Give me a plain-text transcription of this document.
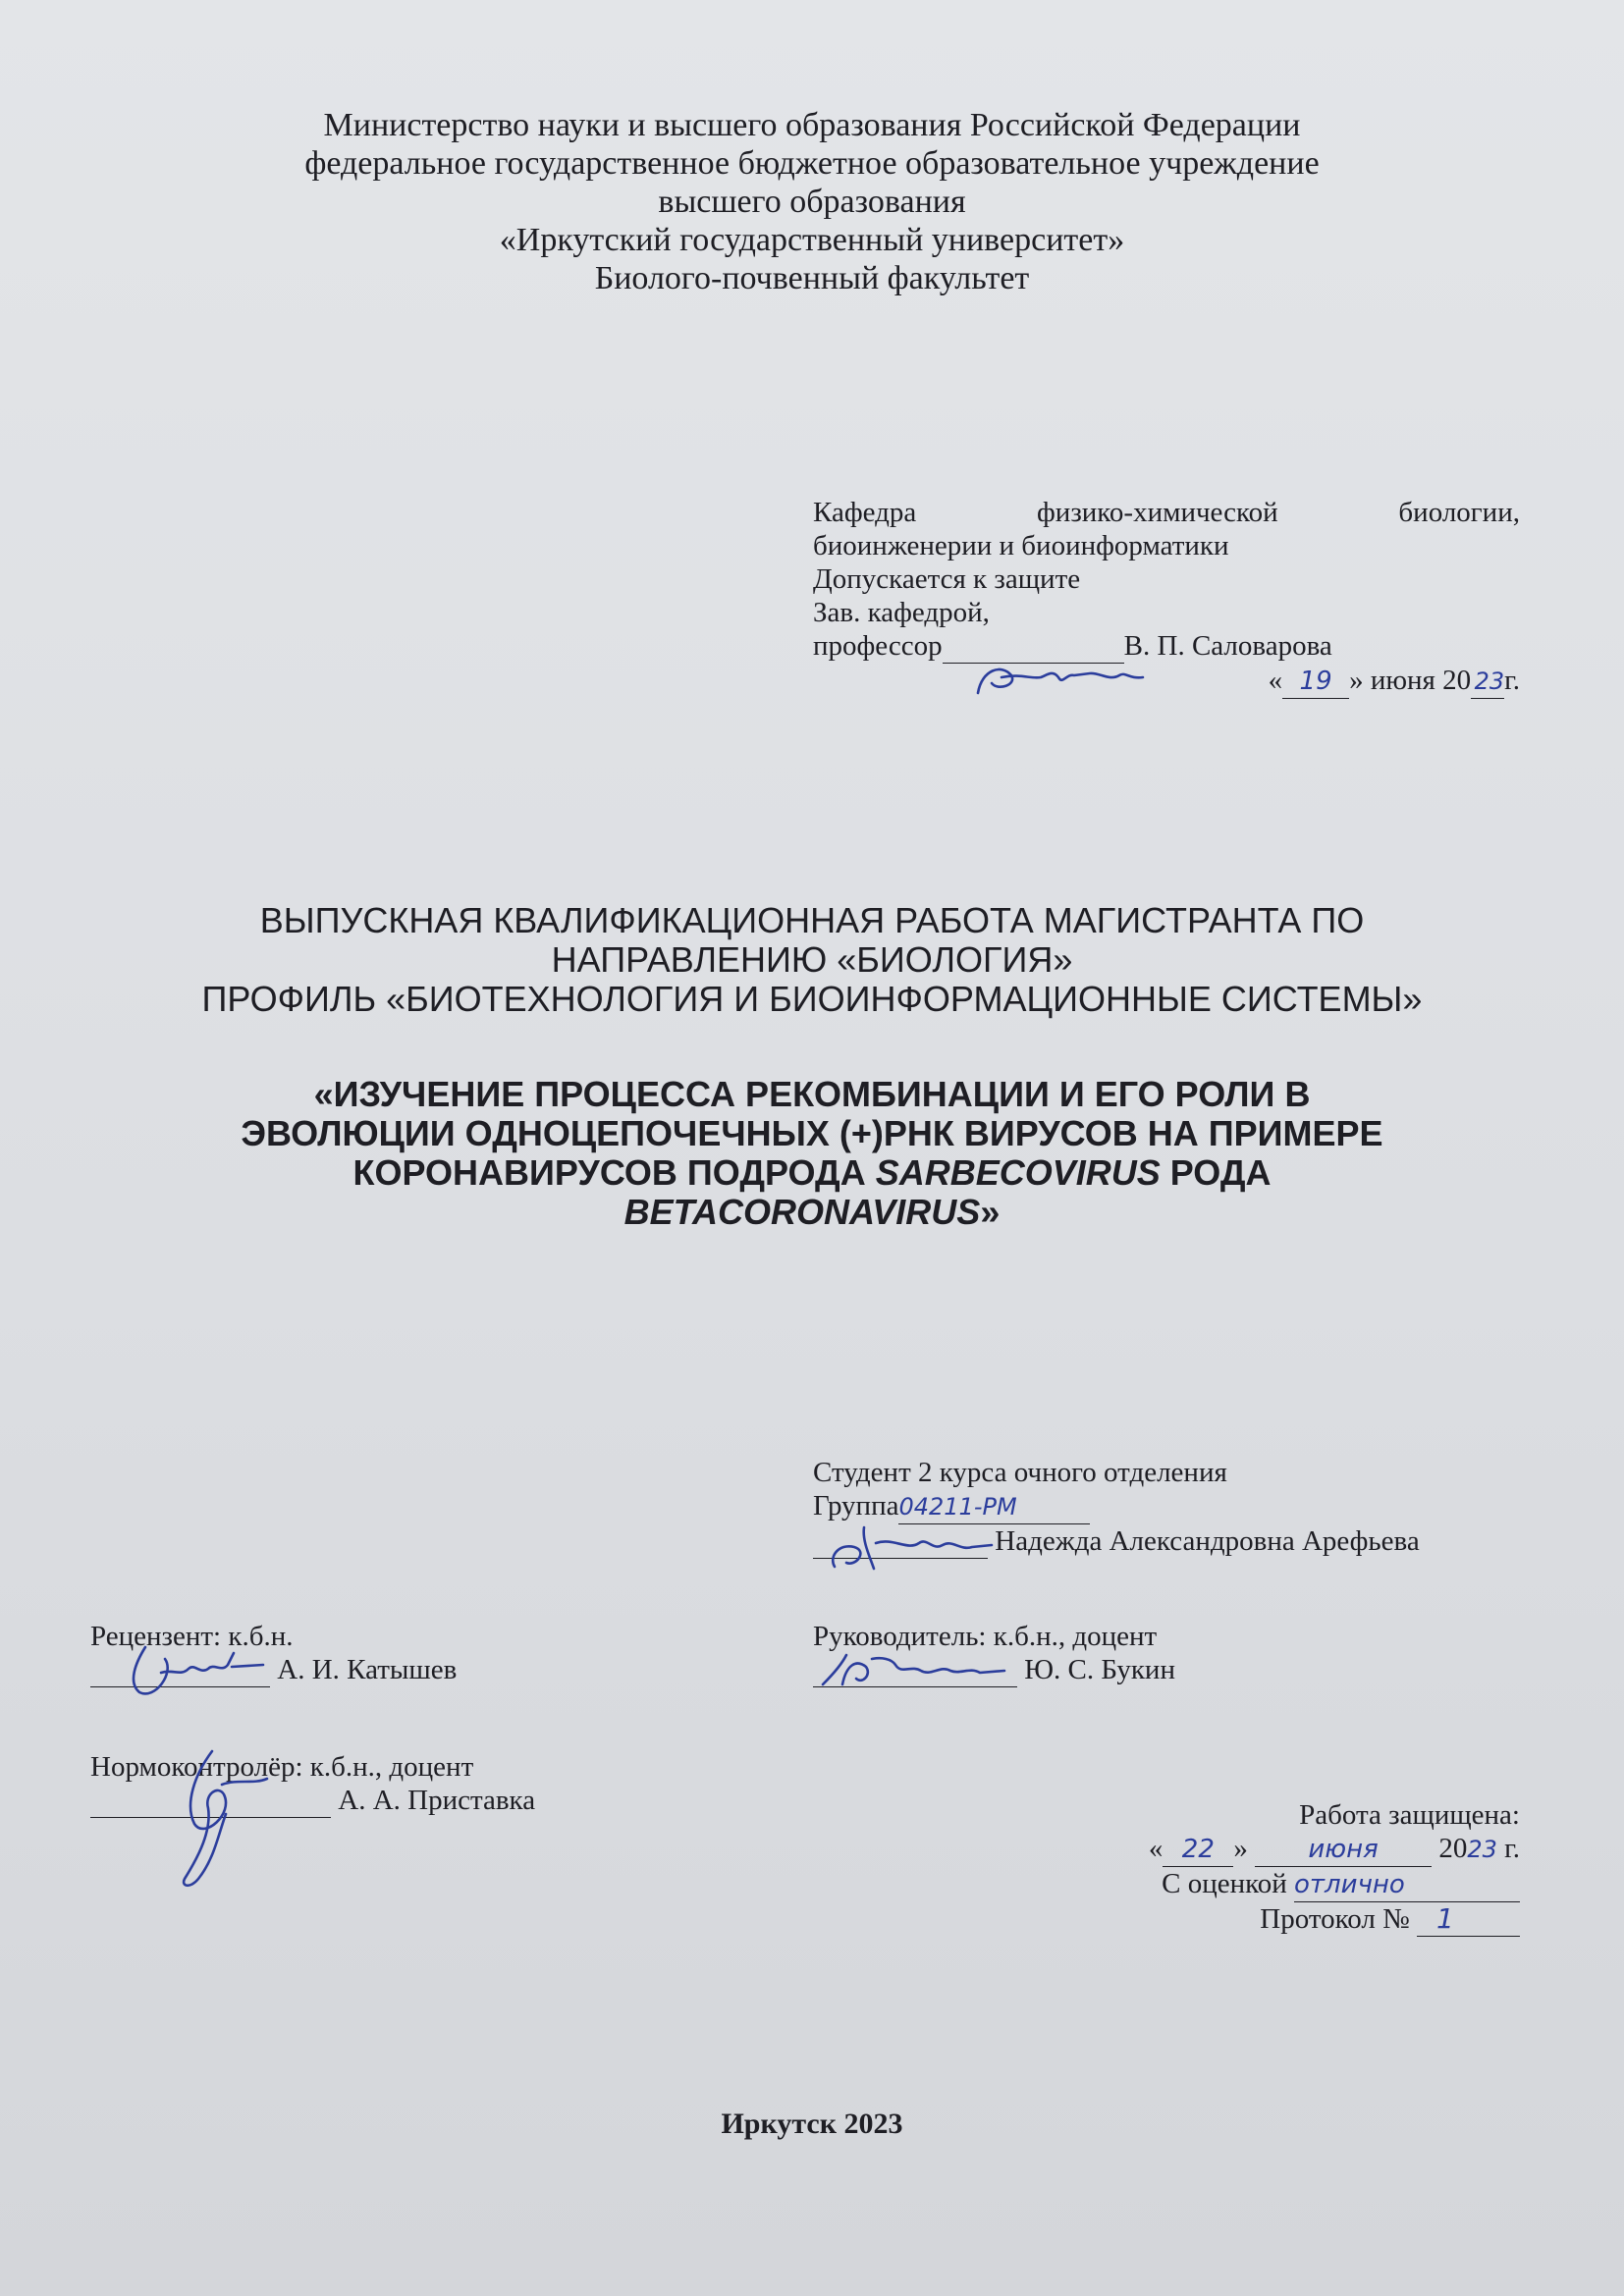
Министерство науки и высшего образования Российской Федерации
федеральное государственное бюджетное образовательное учреждение
высшего образования
«Иркутский государственный университет»
Биолого-почвенный факультет
Кафедра	физико-химической	биологии,
биоинженерии и биоинформатики
Допускается к защите
Зав. кафедрой,
профессор	В. П. Саловарова
« 19 » июня 20 23г.
ВЫПУСКНАЯ КВАЛИФИКАЦИОННАЯ РАБОТА МАГИСТРАНТА ПО
НАПРАВЛЕНИЮ «БИОЛОГИЯ»
ПРОФИЛЬ «БИОТЕХНОЛОГИЯ И БИОИНФОРМАЦИОННЫЕ СИСТЕМЫ»
«ИЗУЧЕНИЕ ПРОЦЕССА РЕКОМБИНАЦИИ И ЕГО РОЛИ В
ЭВОЛЮЦИИ ОДНОЦЕПОЧЕЧНЫХ (+)РНК ВИРУСОВ НА ПРИМЕРЕ
КОРОНАВИРУСОВ ПОДРОДА SARBECOVIRUS РОДА
BETACORONAVIRUS»
Студент 2 курса очного отделения
Группа04211-РМ
Надежда Александровна Арефьева
Рецензент: к.б.н.
А. И. Катышев
Руководитель: к.б.н., доцент
Ю. С. Букин
Нормоконтролёр: к.б.н., доцент
А. А. Приставка	Работа защищена:
« 22 » июня 2023 г.
С оценкой отлично
Протокол № 1
Иркутск 2023
